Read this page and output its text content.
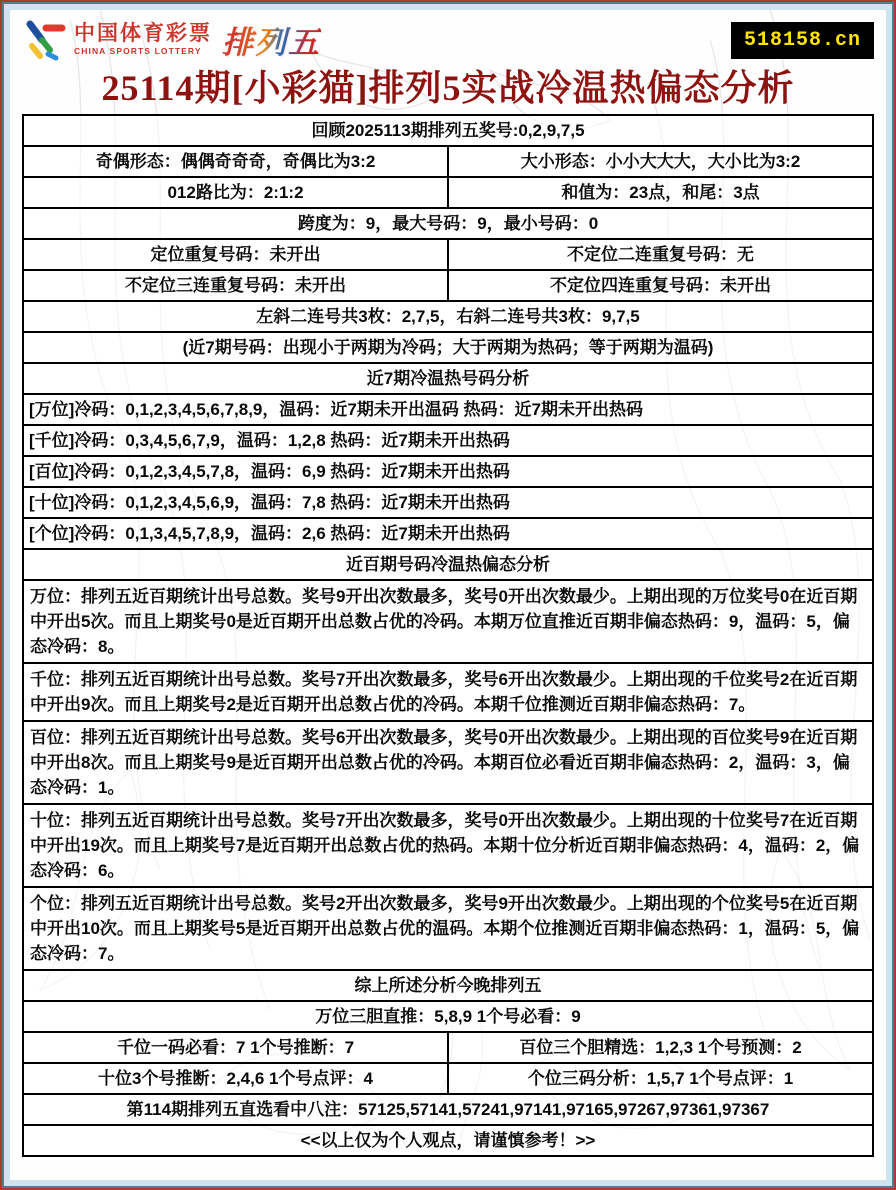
中国体育彩票
CHINA SPORTS LOTTERY 排列五	518158.cn
25114期[小彩猫]排列5实战冷温热偏态分析
回顾2025113期排列五奖号:0,2,9,7,5
奇偶形态：偶偶奇奇奇，奇偶比为3:2	大小形态：小小大大大，大小比为3:2
012路比为：2:1:2	和值为：23点，和尾：3点
跨度为：9，最大号码：9，最小号码：0
定位重复号码：未开出	不定位二连重复号码：无
不定位三连重复号码：未开出	不定位四连重复号码：未开出
左斜二连号共3枚：2,7,5，右斜二连号共3枚：9,7,5
(近7期号码：出现小于两期为冷码；大于两期为热码；等于两期为温码)
近7期冷温热号码分析
[万位]冷码：0,1,2,3,4,5,6,7,8,9，温码：近7期未开出温码 热码：近7期未开出热码
[千位]冷码：0,3,4,5,6,7,9，温码：1,2,8 热码：近7期未开出热码
[百位]冷码：0,1,2,3,4,5,7,8，温码：6,9 热码：近7期未开出热码
[十位]冷码：0,1,2,3,4,5,6,9，温码：7,8 热码：近7期未开出热码
[个位]冷码：0,1,3,4,5,7,8,9，温码：2,6 热码：近7期未开出热码
近百期号码冷温热偏态分析
万位：排列五近百期统计出号总数。奖号9开出次数最多，奖号0开出次数最少。上期出现的万位奖号0在近百期中开出5次。而且上期奖号0是近百期开出总数占优的冷码。本期万位直推近百期非偏态热码：9，温码：5，偏态冷码：8。
千位：排列五近百期统计出号总数。奖号7开出次数最多，奖号6开出次数最少。上期出现的千位奖号2在近百期中开出9次。而且上期奖号2是近百期开出总数占优的冷码。本期千位推测近百期非偏态热码：7。
百位：排列五近百期统计出号总数。奖号6开出次数最多，奖号0开出次数最少。上期出现的百位奖号9在近百期中开出8次。而且上期奖号9是近百期开出总数占优的冷码。本期百位必看近百期非偏态热码：2，温码：3，偏态冷码：1。
十位：排列五近百期统计出号总数。奖号7开出次数最多，奖号0开出次数最少。上期出现的十位奖号7在近百期中开出19次。而且上期奖号7是近百期开出总数占优的热码。本期十位分析近百期非偏态热码：4，温码：2，偏态冷码：6。
个位：排列五近百期统计出号总数。奖号2开出次数最多，奖号9开出次数最少。上期出现的个位奖号5在近百期中开出10次。而且上期奖号5是近百期开出总数占优的温码。本期个位推测近百期非偏态热码：1，温码：5，偏态冷码：7。
综上所述分析今晚排列五
万位三胆直推：5,8,9 1个号必看：9
千位一码必看：7 1个号推断：7	百位三个胆精选：1,2,3 1个号预测：2
十位3个号推断：2,4,6 1个号点评：4	个位三码分析：1,5,7 1个号点评：1
第114期排列五直选看中八注：57125,57141,57241,97141,97165,97267,97361,97367
<<以上仅为个人观点，请谨慎参考！>>
